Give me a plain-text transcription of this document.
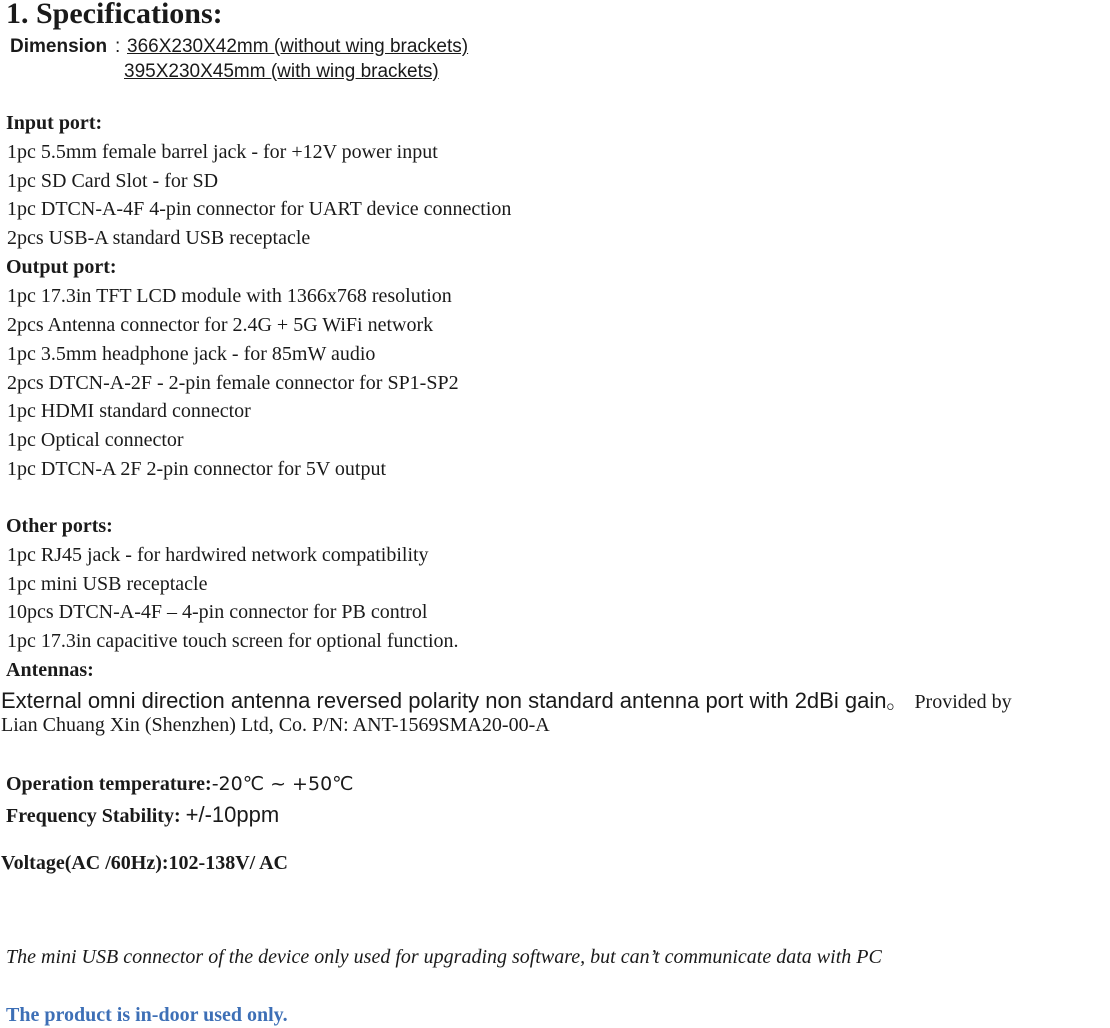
1. Specifications:
Dimension : 366X230X42mm (without wing brackets)
395X230X45mm (with wing brackets)
Input port:
1pc 5.5mm female barrel jack - for +12V power input
1pc SD Card Slot - for SD
1pc DTCN-A-4F 4-pin connector for UART device connection
2pcs USB-A standard USB receptacle
Output port:
1pc 17.3in TFT LCD module with 1366x768 resolution
2pcs Antenna connector for 2.4G + 5G WiFi network
1pc 3.5mm headphone jack - for 85mW audio
2pcs DTCN-A-2F - 2-pin female connector for SP1-SP2
1pc HDMI standard connector
1pc Optical connector
1pc DTCN-A 2F 2-pin connector for 5V output
Other ports:
1pc RJ45 jack - for hardwired network compatibility
1pc mini USB receptacle
10pcs DTCN-A-4F – 4-pin connector for PB control
1pc 17.3in capacitive touch screen for optional function.
Antennas:
External omni direction antenna reversed polarity non standard antenna port with 2dBi gain。 Provided by
Lian Chuang Xin (Shenzhen) Ltd, Co. P/N: ANT-1569SMA20-00-A
Operation temperature:-20℃ ~ +50℃
Frequency Stability: +/-10ppm
Voltage(AC /60Hz):102-138V/ AC
The mini USB connector of the device only used for upgrading software, but can’t communicate data with PC
The product is in-door used only.
